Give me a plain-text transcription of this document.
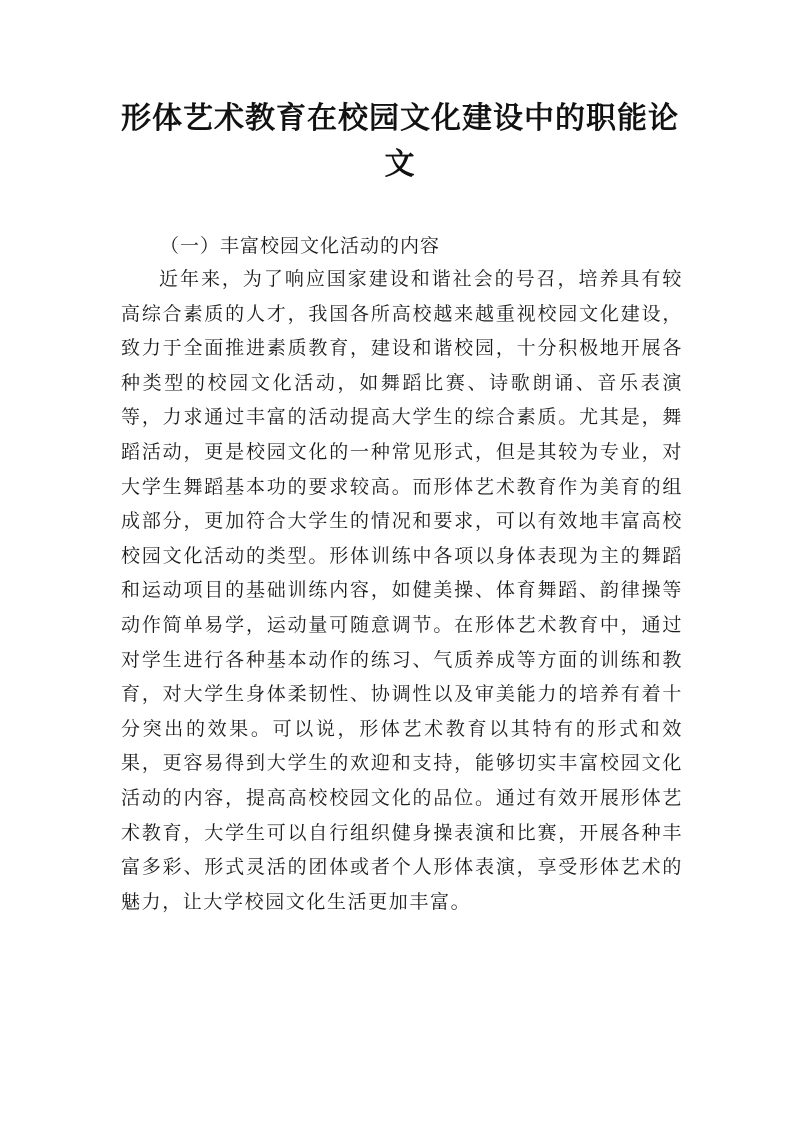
形体艺术教育在校园文化建设中的职能论文

（一）丰富校园文化活动的内容

近年来，为了响应国家建设和谐社会的号召，培养具有较高综合素质的人才，我国各所高校越来越重视校园文化建设，致力于全面推进素质教育，建设和谐校园，十分积极地开展各种类型的校园文化活动，如舞蹈比赛、诗歌朗诵、音乐表演等，力求通过丰富的活动提高大学生的综合素质。尤其是，舞蹈活动，更是校园文化的一种常见形式，但是其较为专业，对大学生舞蹈基本功的要求较高。而形体艺术教育作为美育的组成部分，更加符合大学生的情况和要求，可以有效地丰富高校校园文化活动的类型。形体训练中各项以身体表现为主的舞蹈和运动项目的基础训练内容，如健美操、体育舞蹈、韵律操等动作简单易学，运动量可随意调节。在形体艺术教育中，通过对学生进行各种基本动作的练习、气质养成等方面的训练和教育，对大学生身体柔韧性、协调性以及审美能力的培养有着十分突出的效果。可以说，形体艺术教育以其特有的形式和效果，更容易得到大学生的欢迎和支持，能够切实丰富校园文化活动的内容，提高高校校园文化的品位。通过有效开展形体艺术教育，大学生可以自行组织健身操表演和比赛，开展各种丰富多彩、形式灵活的团体或者个人形体表演，享受形体艺术的魅力，让大学校园文化生活更加丰富。
